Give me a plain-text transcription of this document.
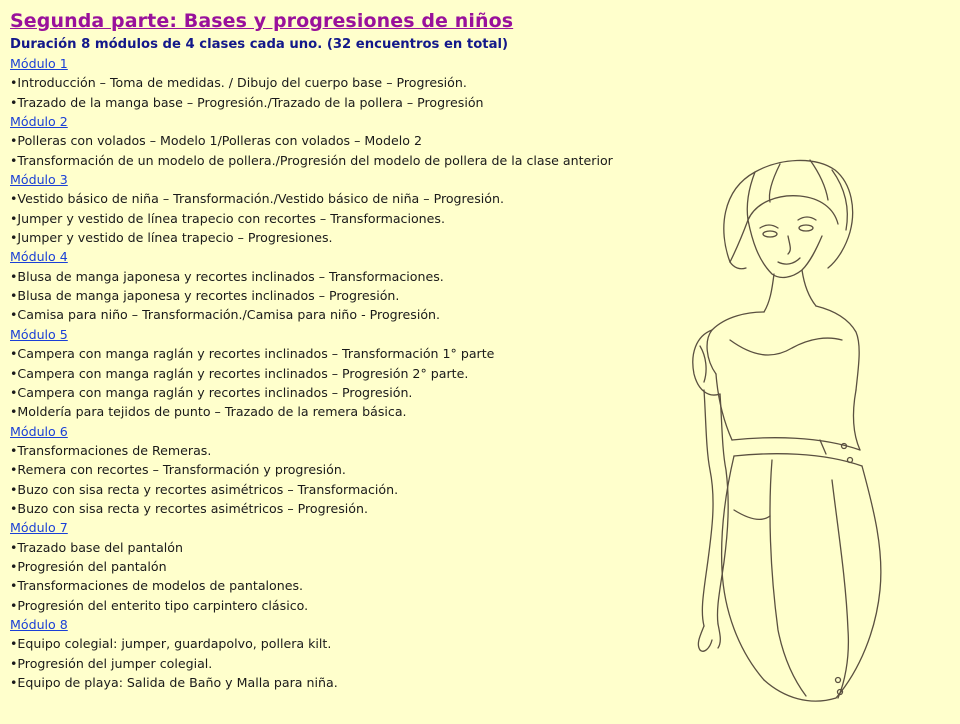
Segunda parte: Bases y progresiones de niños
Duración 8 módulos de 4 clases cada uno. (32 encuentros en total)
Módulo 1
•Introducción – Toma de medidas. / Dibujo del cuerpo base – Progresión.
•Trazado de la manga base – Progresión./Trazado de la pollera – Progresión
Módulo 2
•Polleras con volados – Modelo 1/Polleras con volados – Modelo 2
•Transformación de un modelo de pollera./Progresión del modelo de pollera de la clase anterior
Módulo 3
•Vestido básico de niña – Transformación./Vestido básico de niña – Progresión.
•Jumper y vestido de línea trapecio con recortes – Transformaciones.
•Jumper y vestido de línea trapecio – Progresiones.
Módulo 4
•Blusa de manga japonesa y recortes inclinados – Transformaciones.
•Blusa de manga japonesa y recortes inclinados – Progresión.
•Camisa para niño – Transformación./Camisa para niño - Progresión.
Módulo 5
•Campera con manga raglán y recortes inclinados – Transformación 1° parte
•Campera con manga raglán y recortes inclinados – Progresión 2° parte.
•Campera con manga raglán y recortes inclinados – Progresión.
•Moldería para tejidos de punto – Trazado de la remera básica.
Módulo 6
•Transformaciones de Remeras.
•Remera con recortes – Transformación y progresión.
•Buzo con sisa recta y recortes asimétricos – Transformación.
•Buzo con sisa recta y recortes asimétricos – Progresión.
Módulo 7
•Trazado base del pantalón
•Progresión del pantalón
•Transformaciones de modelos de pantalones.
•Progresión del enterito tipo carpintero clásico.
Módulo 8
•Equipo colegial: jumper, guardapolvo, pollera kilt.
•Progresión del jumper colegial.
•Equipo de playa: Salida de Baño y Malla para niña.
